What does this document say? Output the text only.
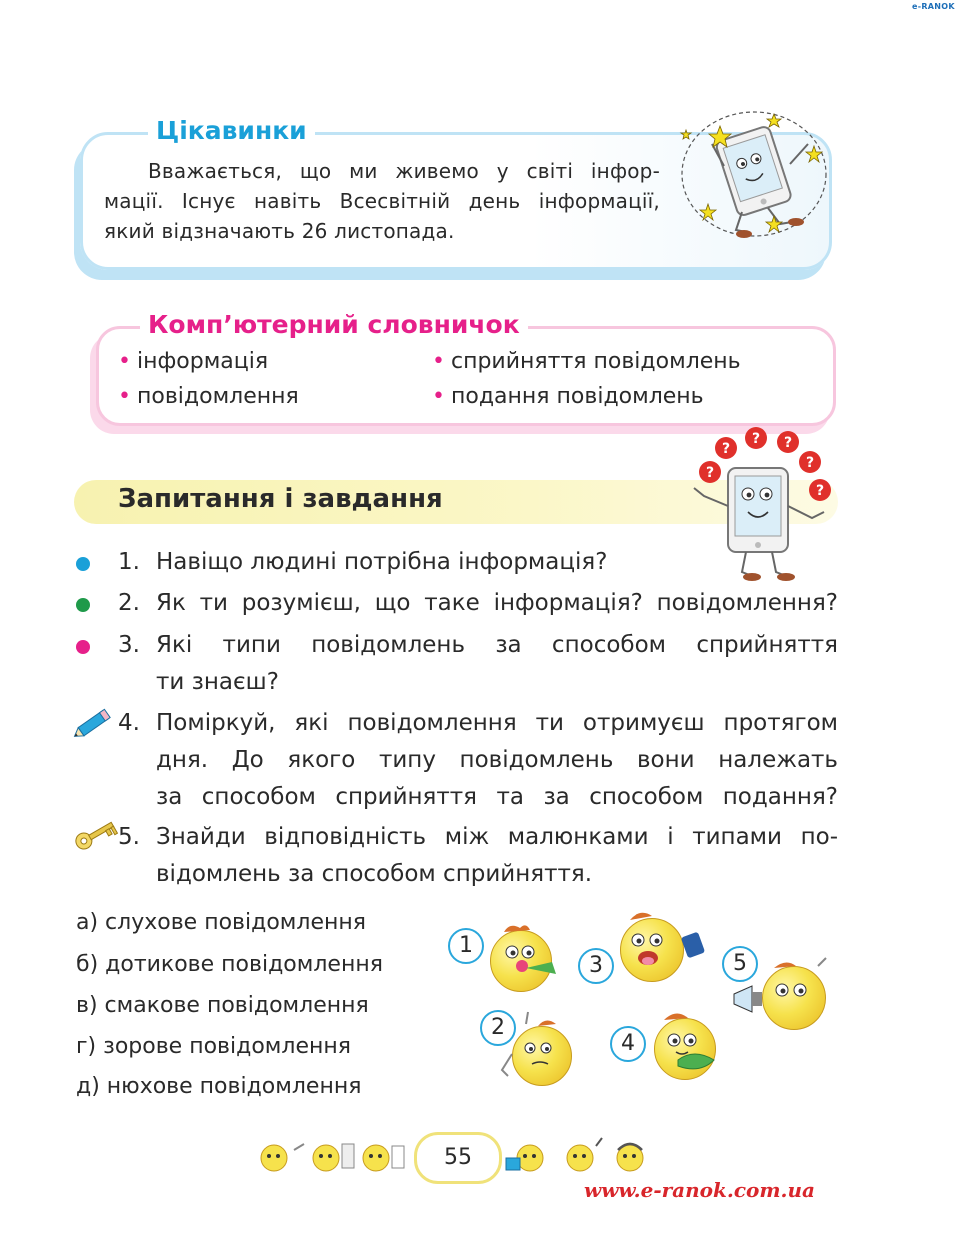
e-RANOK
Цікавинки
Вважається, що ми живемо у світі інфор-
мації. Існує навіть Всесвітній день інформації,
який відзначають 26 листопада.
Комп’ютерний словничок
• інформація
• повідомлення
• сприйняття повідомлень
• подання повідомлень
Запитання і завдання
?
?
? ?
?
?
1. Навіщо людині потрібна інформація?
2. Як ти розумієш, що таке інформація? повідомлення?
3. Які типи повідомлень за способом сприйняття
ти знаєш?
4. Поміркуй, які повідомлення ти отримуєш протягом
дня. До якого типу повідомлень вони належать
за способом сприйняття та за способом подання?
5. Знайди відповідність між малюнками і типами по-
відомлень за способом сприйняття.
а) слухове повідомлення
б) дотикове повідомлення
в) смакове повідомлення
г) зорове повідомлення
д) нюхове повідомлення
1
2
3
4
5
55
www.e-ranok.com.ua
